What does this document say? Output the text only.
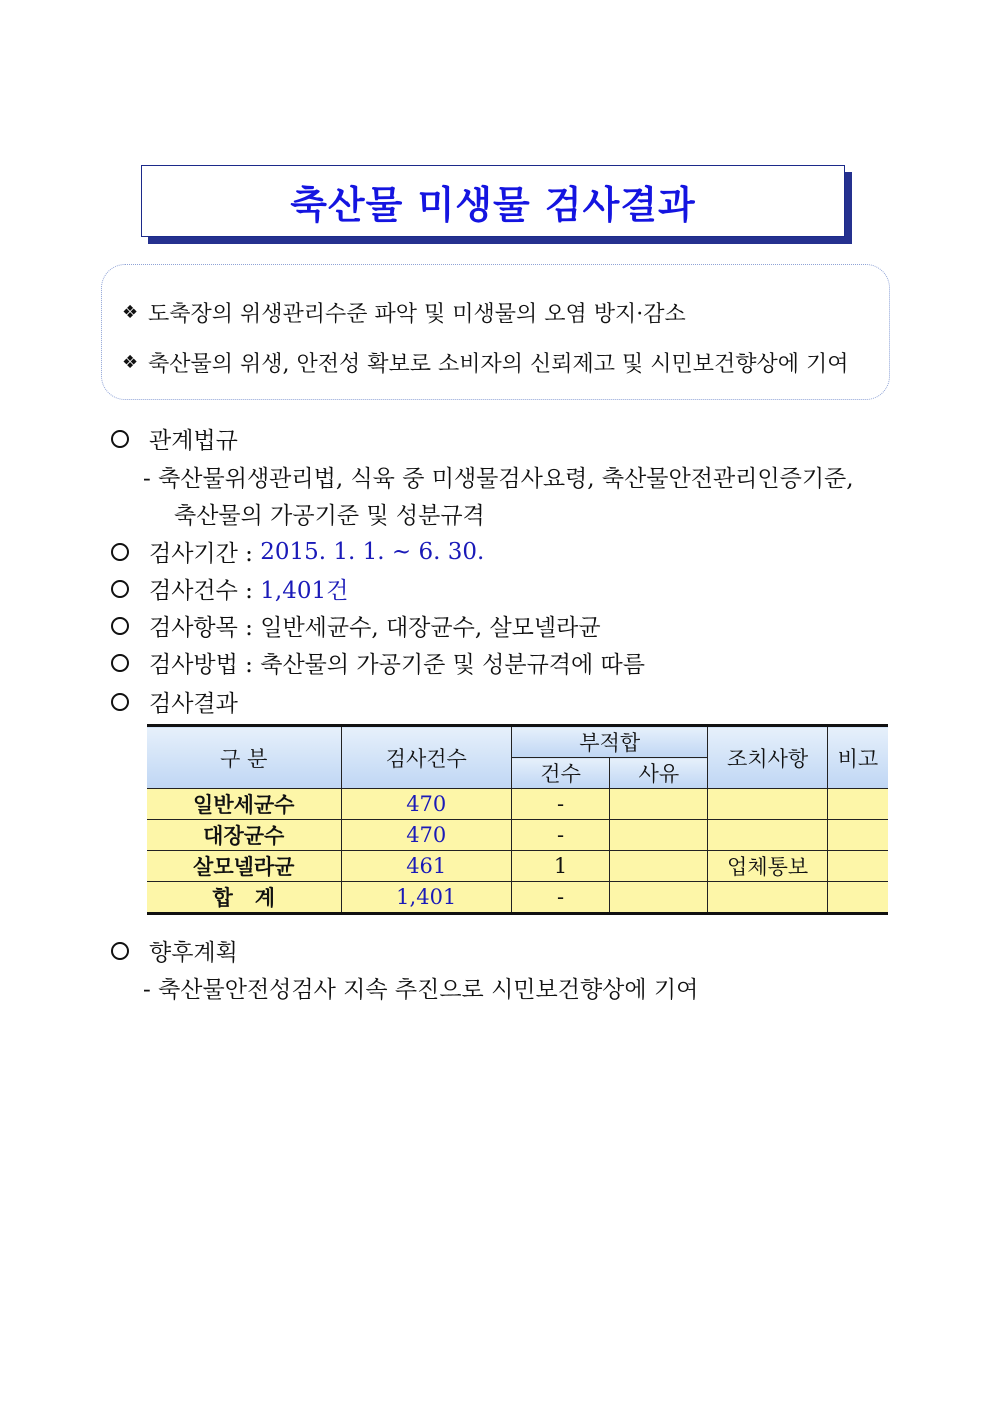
축산물 미생물 검사결과
❖ 도축장의 위생관리수준 파악 및 미생물의 오염 방지·감소
❖ 축산물의 위생, 안전성 확보로 소비자의 신뢰제고 및 시민보건향상에 기여
관계법규
- 축산물위생관리법, 식육 중 미생물검사요령, 축산물안전관리인증기준,
축산물의 가공기준 및 성분규격
검사기간 : 2015. 1. 1. ~ 6. 30.
검사건수 : 1,401건
검사항목 : 일반세균수, 대장균수, 살모넬라균
검사방법 : 축산물의 가공기준 및 성분규격에 따름
검사결과
구 분	검사건수	부적합		조치사항	비고
		건수	사유		
일반세균수	470	-			
대장균수	470	-			
살모넬라균	461	1		업체통보	
합   계	1,401	-			
향후계획
- 축산물안전성검사 지속 추진으로 시민보건향상에 기여
